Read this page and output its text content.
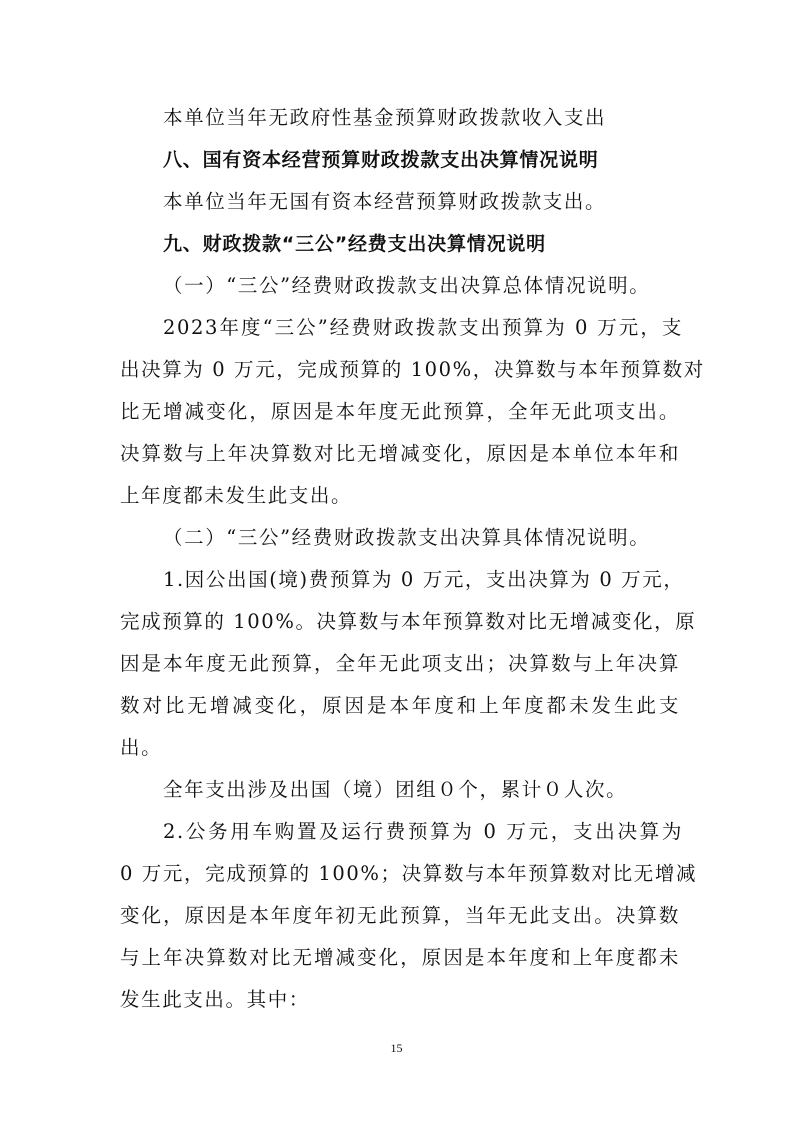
本单位当年无政府性基金预算财政拨款收入支出
八、国有资本经营预算财政拨款支出决算情况说明
本单位当年无国有资本经营预算财政拨款支出。
九、财政拨款“三公”经费支出决算情况说明
（一）“三公”经费财政拨款支出决算总体情况说明。
2023年度“三公”经费财政拨款支出预算为 0 万元，支
出决算为 0 万元，完成预算的 100%，决算数与本年预算数对
比无增减变化，原因是本年度无此预算，全年无此项支出。
决算数与上年决算数对比无增减变化，原因是本单位本年和
上年度都未发生此支出。
（二）“三公”经费财政拨款支出决算具体情况说明。
1.因公出国(境)费预算为 0 万元，支出决算为 0 万元，
完成预算的 100%。决算数与本年预算数对比无增减变化，原
因是本年度无此预算，全年无此项支出；决算数与上年决算
数对比无增减变化，原因是本年度和上年度都未发生此支
出。
全年支出涉及出国（境）团组０个，累计０人次。
2.公务用车购置及运行费预算为 0 万元，支出决算为
0 万元，完成预算的 100%；决算数与本年预算数对比无增减
变化，原因是本年度年初无此预算，当年无此支出。决算数
与上年决算数对比无增减变化，原因是本年度和上年度都未
发生此支出。其中：
15
